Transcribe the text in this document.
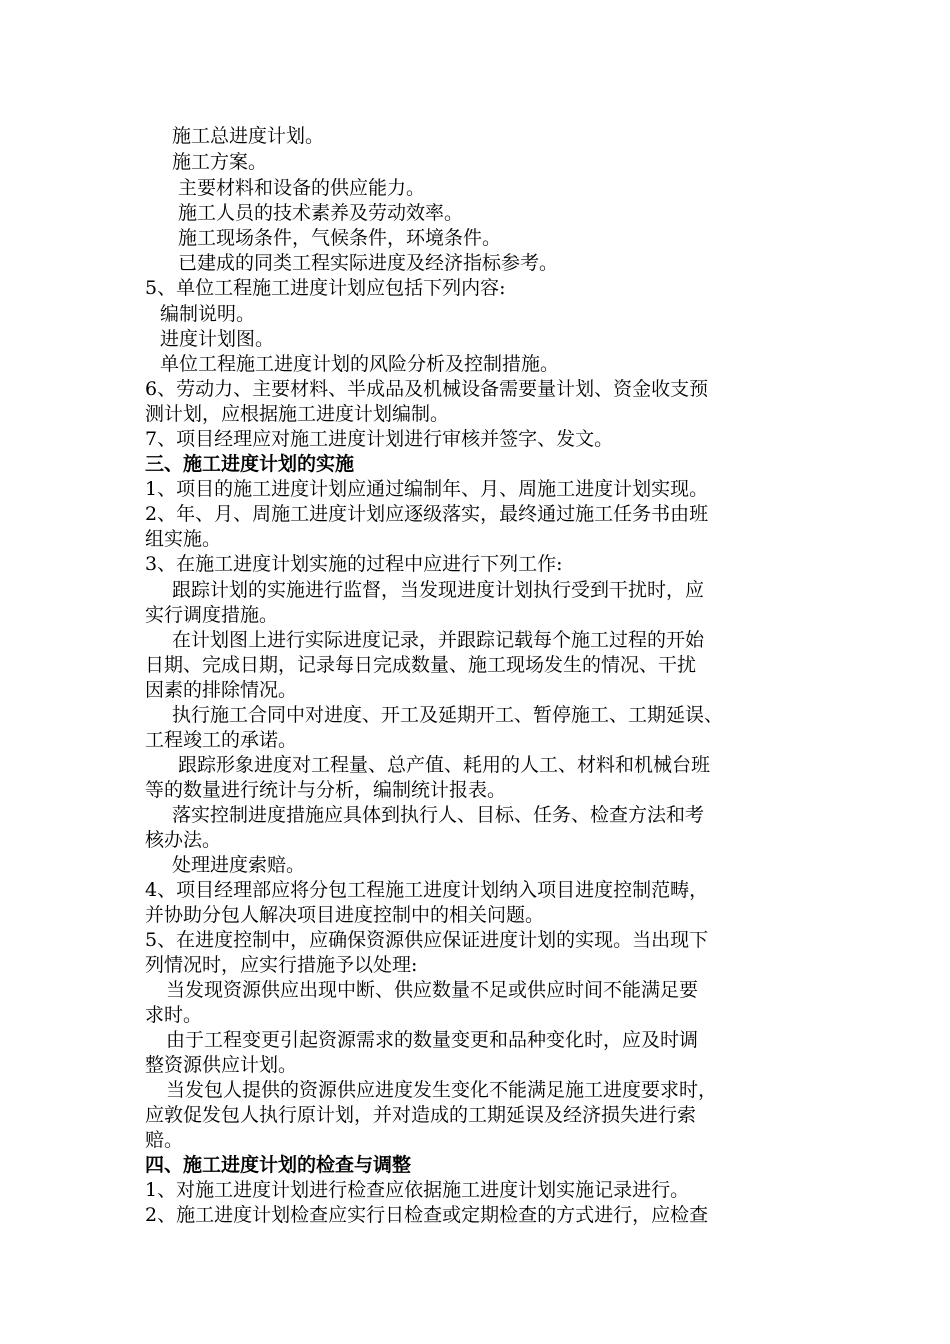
施工总进度计划。
施工方案。
主要材料和设备的供应能力。
施工人员的技术素养及劳动效率。
施工现场条件，气候条件，环境条件。
已建成的同类工程实际进度及经济指标参考。
5、单位工程施工进度计划应包括下列内容:
编制说明。
进度计划图。
单位工程施工进度计划的风险分析及控制措施。
6、劳动力、主要材料、半成品及机械设备需要量计划、资金收支预
测计划，应根据施工进度计划编制。
7、项目经理应对施工进度计划进行审核并签字、发文。
三、施工进度计划的实施
1、项目的施工进度计划应通过编制年、月、周施工进度计划实现。
2、年、月、周施工进度计划应逐级落实，最终通过施工任务书由班
组实施。
3、在施工进度计划实施的过程中应进行下列工作:
跟踪计划的实施进行监督，当发现进度计划执行受到干扰时，应
实行调度措施。
在计划图上进行实际进度记录，并跟踪记载每个施工过程的开始
日期、完成日期，记录每日完成数量、施工现场发生的情况、干扰
因素的排除情况。
执行施工合同中对进度、开工及延期开工、暂停施工、工期延误、
工程竣工的承诺。
跟踪形象进度对工程量、总产值、耗用的人工、材料和机械台班
等的数量进行统计与分析，编制统计报表。
落实控制进度措施应具体到执行人、目标、任务、检查方法和考
核办法。
处理进度索赔。
4、项目经理部应将分包工程施工进度计划纳入项目进度控制范畴，
并协助分包人解决项目进度控制中的相关问题。
5、在进度控制中，应确保资源供应保证进度计划的实现。当出现下
列情况时，应实行措施予以处理:
当发现资源供应出现中断、供应数量不足或供应时间不能满足要
求时。
由于工程变更引起资源需求的数量变更和品种变化时，应及时调
整资源供应计划。
当发包人提供的资源供应进度发生变化不能满足施工进度要求时，
应敦促发包人执行原计划，并对造成的工期延误及经济损失进行索
赔。
四、施工进度计划的检查与调整
1、对施工进度计划进行检查应依据施工进度计划实施记录进行。
2、施工进度计划检查应实行日检查或定期检查的方式进行，应检查
